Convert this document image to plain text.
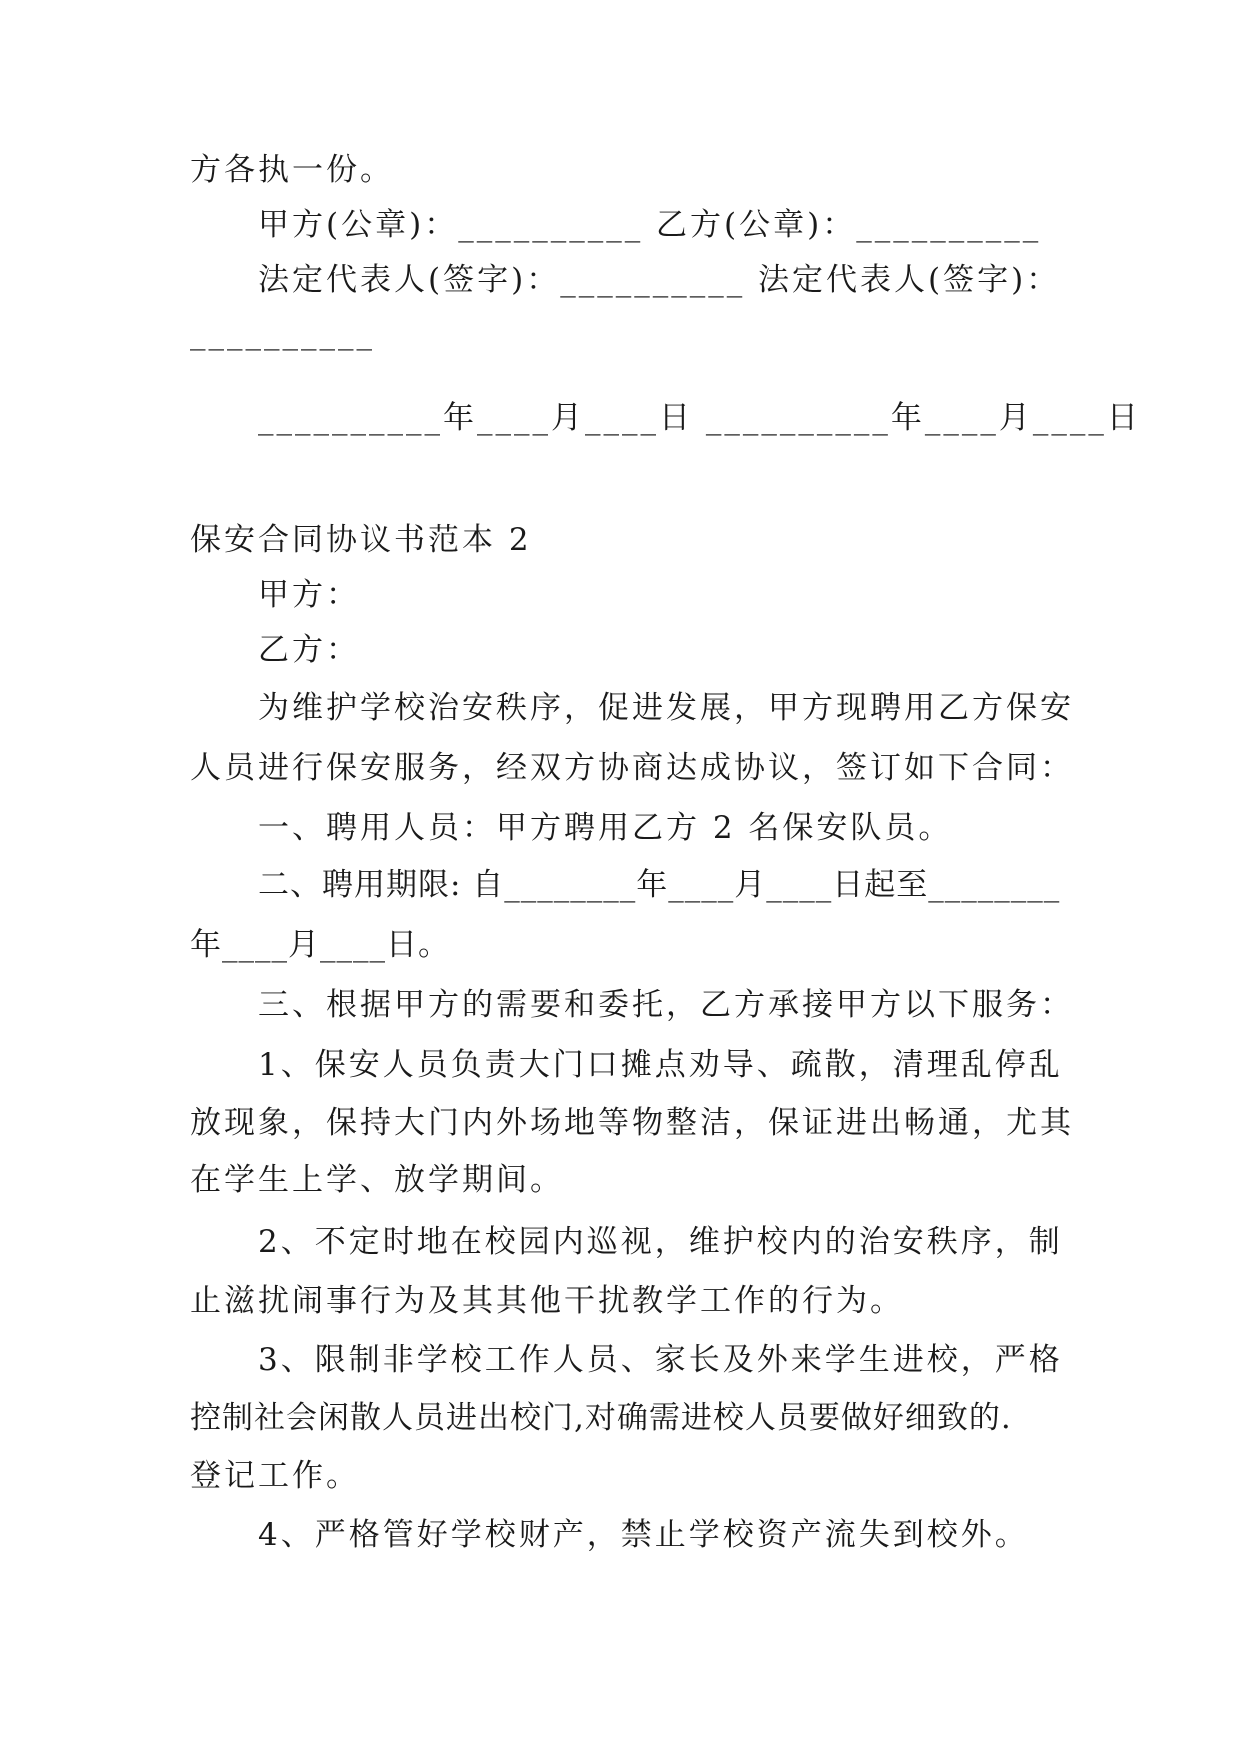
方各执一份。
甲方(公章)：__________ 乙方(公章)：__________
法定代表人(签字)：__________ 法定代表人(签字)：
__________
__________年____月____日 __________年____月____日
保安合同协议书范本 2
甲方：
乙方：
为维护学校治安秩序，促进发展，甲方现聘用乙方保安
人员进行保安服务，经双方协商达成协议，签订如下合同：
一、聘用人员：甲方聘用乙方 2 名保安队员。
二、聘用期限: 自________年____月____日起至________
年____月____日。
三、根据甲方的需要和委托，乙方承接甲方以下服务：
1、保安人员负责大门口摊点劝导、疏散，清理乱停乱
放现象，保持大门内外场地等物整洁，保证进出畅通，尤其
在学生上学、放学期间。
2、不定时地在校园内巡视，维护校内的治安秩序，制
止滋扰闹事行为及其其他干扰教学工作的行为。
3、限制非学校工作人员、家长及外来学生进校，严格
控制社会闲散人员进出校门,对确需进校人员要做好细致的.
登记工作。
4、严格管好学校财产，禁止学校资产流失到校外。
